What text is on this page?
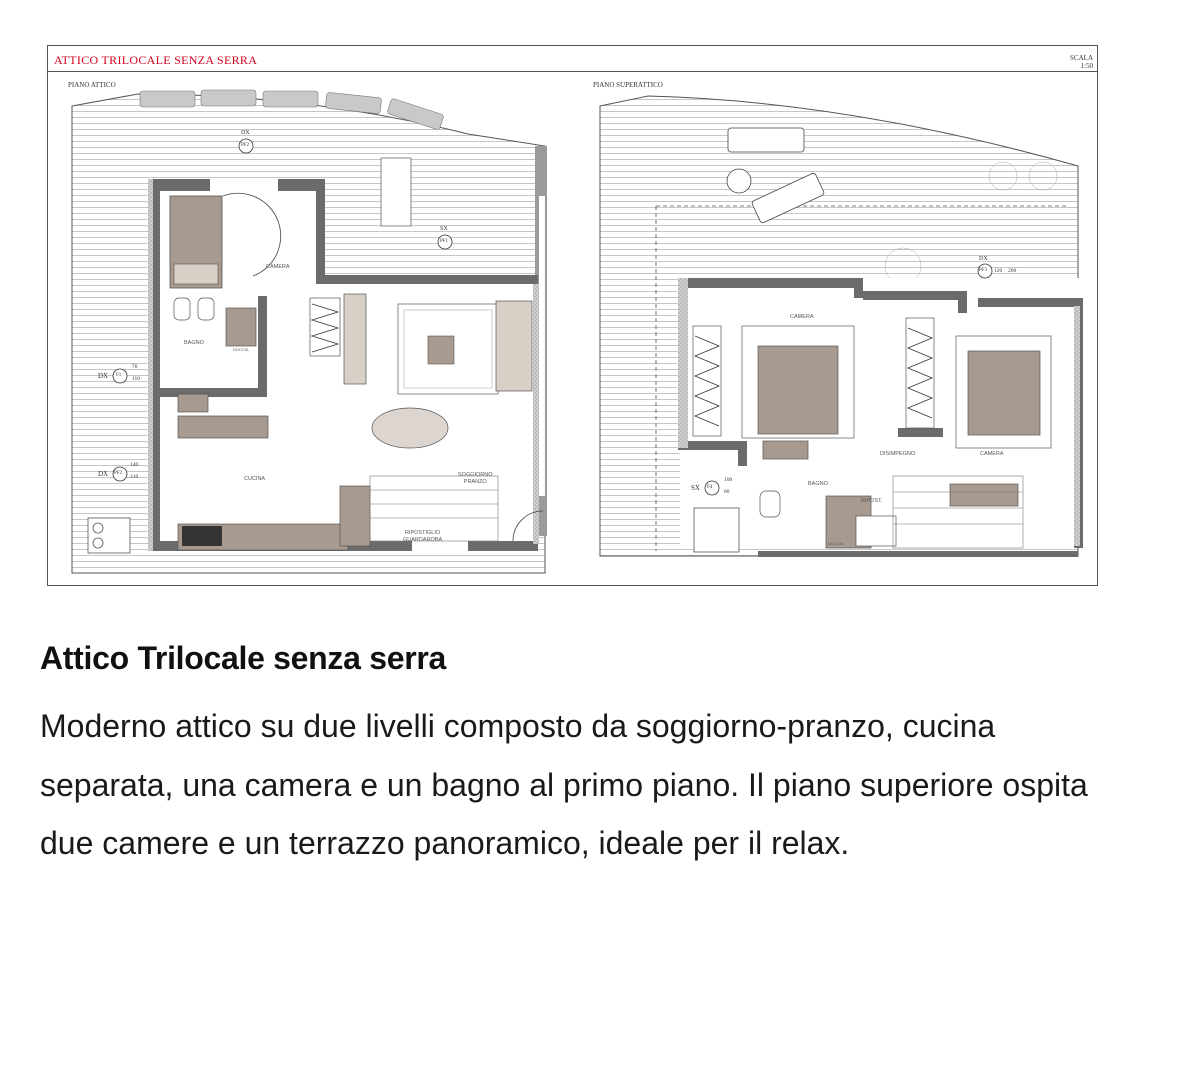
ATTICO TRILOCALE SENZA SERRA	SCALA
1:50
PIANO ATTICO	PIANO SUPERATTICO
CAMERA
BAGNO
DOCCIA
CUCINA
SOGGIORNO
PRANZO
RIPOSTIGLIO
GUARDAROBA
DX
PF2
SX
PF1
DX F1
70
110
DX PF2
140
210
CAMERA
CAMERA
DISIMPEGNO
BAGNO
RIPOST.
DOCCIA
DX
PF3 120 200
SX F4
100
80
Attico Trilocale senza serra

Moderno attico su due livelli composto da soggiorno-pranzo, cucina separata, una camera e un bagno al primo piano. Il piano superiore ospita due camere e un terrazzo panoramico, ideale per il relax.
